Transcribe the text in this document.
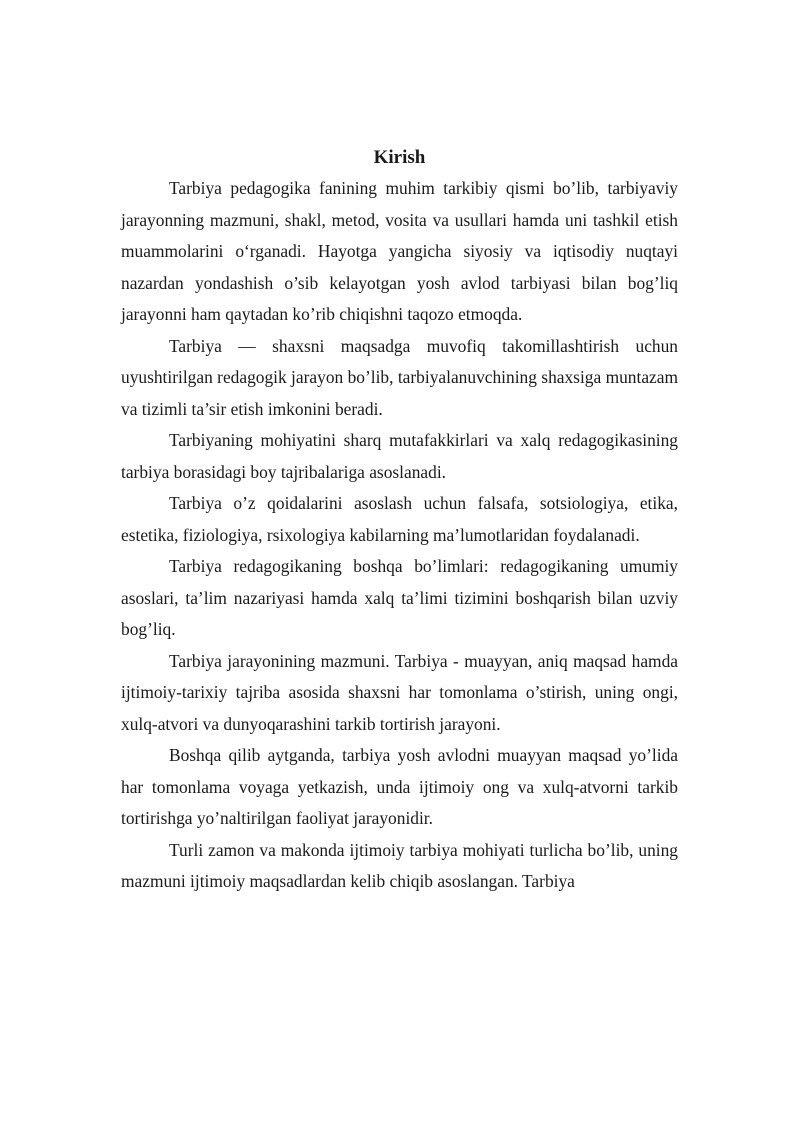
Kirish

Tarbiya pedagogika fanining muhim tarkibiy qismi bo’lib, tarbiyaviy jarayonning mazmuni, shakl, metod, vosita va usullari hamda uni tashkil etish muammolarini oʻrganadi. Hayotga yangicha siyosiy va iqtisodiy nuqtayi nazardan yondashish o’sib kelayotgan yosh avlod tarbiyasi bilan bog’liq jarayonni ham qaytadan ko’rib chiqishni taqozo etmoqda.

Tarbiya — shaxsni maqsadga muvofiq takomillashtirish uchun uyushtirilgan redagogik jarayon bo’lib, tarbiyalanuvchining shaxsiga muntazam va tizimli ta’sir etish imkonini beradi.

Tarbiyaning mohiyatini sharq mutafakkirlari va xalq redagogikasining tarbiya borasidagi boy tajribalariga asoslanadi.

Tarbiya o’z qoidalarini asoslash uchun falsafa, sotsiologiya, etika, estetika, fiziologiya, rsixologiya kabilarning ma’lumotlaridan foydalanadi.

Tarbiya redagogikaning boshqa bo’limlari: redagogikaning umumiy asoslari, ta’lim nazariyasi hamda xalq ta’limi tizimini boshqarish bilan uzviy bog’liq.

Tarbiya jarayonining mazmuni. Tarbiya - muayyan, aniq maqsad hamda ijtimoiy-tarixiy tajriba asosida shaxsni har tomonlama o’stirish, uning ongi, xulq-atvori va dunyoqarashini tarkib tortirish jarayoni.

Boshqa qilib aytganda, tarbiya yosh avlodni muayyan maqsad yo’lida har tomonlama voyaga yetkazish, unda ijtimoiy ong va xulq-atvorni tarkib tortirishga yo’naltirilgan faoliyat jarayonidir.

Turli zamon va makonda ijtimoiy tarbiya mohiyati turlicha bo’lib, uning mazmuni ijtimoiy maqsadlardan kelib chiqib asoslangan. Tarbiya
